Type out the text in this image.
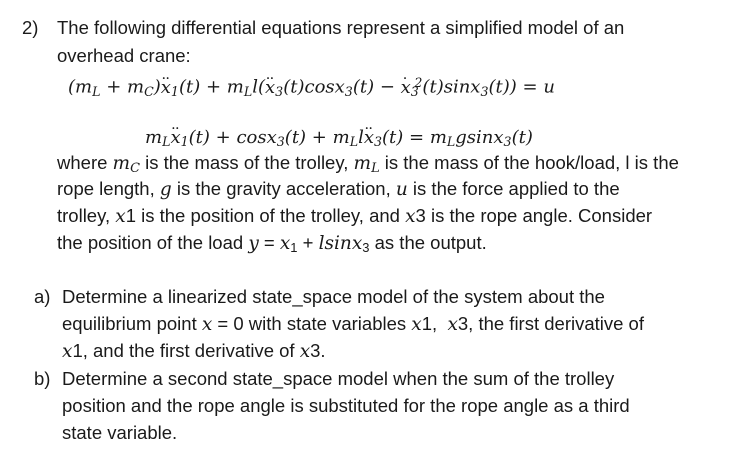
2) The following differential equations represent a simplified model of an
overhead crane:
$(m_L + m_C)x \cdot\cdot_1(t) + m_Ll(x \cdot\cdot_3(t)\cos x_3(t) - x \cdot_3^2(t)\sin x_3(t)) = u$
$m_Lx \cdot\cdot_1(t) + \cos x_3(t) + m_Llx \cdot\cdot_3(t) = m_Lgsinx_3(t)$
where $m_C$ is the mass of the trolley, $m_L$ is the mass of the hook/load, l is the
rope length, g is the gravity acceleration, u is the force applied to the
trolley, x1 is the position of the trolley, and x3 is the rope angle. Consider
the position of the load $y = x_1 + lsinx_3$ as the output.
a) Determine a linearized state_space model of the system about the
equilibrium point x = 0 with state variables x1,  x3, the first derivative of
x1, and the first derivative of x3.
b) Determine a second state_space model when the sum of the trolley
position and the rope angle is substituted for the rope angle as a third
state variable.
